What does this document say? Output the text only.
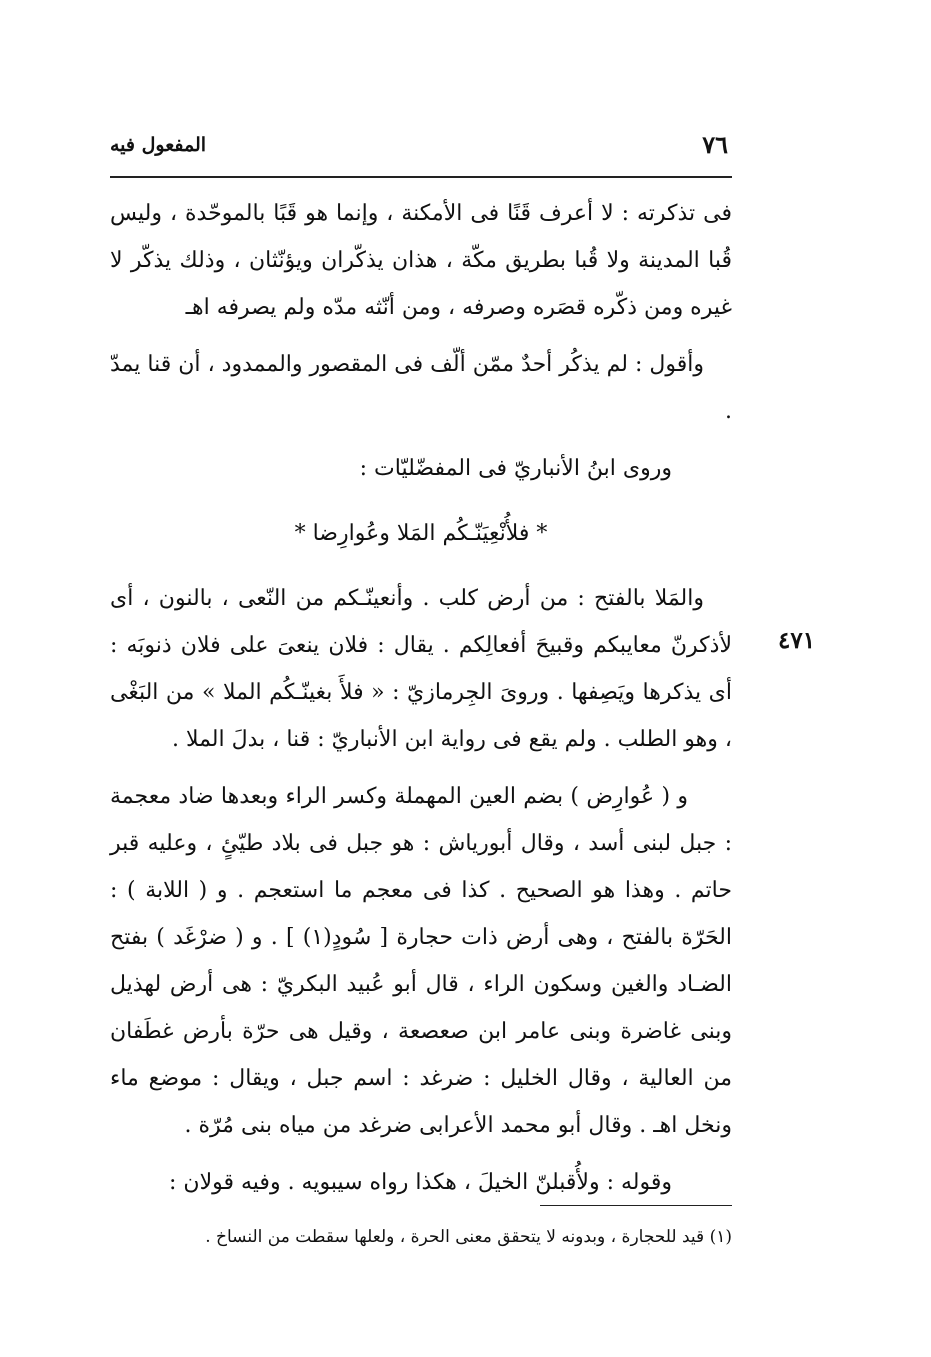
٧٦
المفعول فيه
٤٧١

فى تذكرته : لا أعرف قَنًا فى الأمكنة ، وإنما هو قَبًا بالموحّدة ، وليس قُبا المدينة ولا قُبا بطريق مكّة ، هذان يذكّران ويؤنّثان ، وذلك يذكّر لا غيره ومن ذكّره قصَره وصرفه ، ومن أنّثه مدّه ولم يصرفه اهـ

وأقول : لم يذكُر أحدٌ ممّن ألّف فى المقصور والممدود ، أن قنا يمدّ .

وروى ابنُ الأنباريّ فى المفضّليّات :

* فلأُنْعِيَنّـكُم المَلا وعُوارِضا *

والمَلا بالفتح : من أرض كلب . وأنعينّـكم من النّعى ، بالنون ، أى لأذكرنّ معايبكم وقبيحَ أفعالِكم . يقال : فلان ينعىَ على فلان ذنوبَه : أى يذكرها ويَصِفها . وروىَ الجِرمازيّ : « فلأَ بغينّـكُم الملا » من البَغْى ، وهو الطلب . ولم يقع فى رواية ابن الأنباريّ : قنا ، بدلَ الملا .

و ( عُوارِض ) بضم العين المهملة وكسر الراء وبعدها ضاد معجمة : جبل لبنى أسد ، وقال أبورياش : هو جبل فى بلاد طيّئٍ ، وعليه قبر حاتم . وهذا هو الصحيح . كذا فى معجم ما استعجم . و ( اللابة ) : الحَرّة بالفتح ، وهى أرض ذات حجارة [ سُودٍ(١) ] . و ( ضرْغَد ) بفتح الضـاد والغين وسكون الراء ، قال أبو عُبيد البكريّ : هى أرض لهذيل وبنى غاضرة وبنى عامر ابن صعصعة ، وقيل هى حرّة بأرض غطَفان من العالية ، وقال الخليل : ضرغد : اسم جبل ، ويقال : موضع ماء ونخل اهـ . وقال أبو محمد الأعرابى ضرغد من مياه بنى مُرّة .

وقوله : ولأُقبلنّ الخيلَ ، هكذا رواه سيبويه . وفيه قولان :

(١) قيد للحجارة ، وبدونه لا يتحقق معنى الحرة ، ولعلها سقطت من النساخ .
